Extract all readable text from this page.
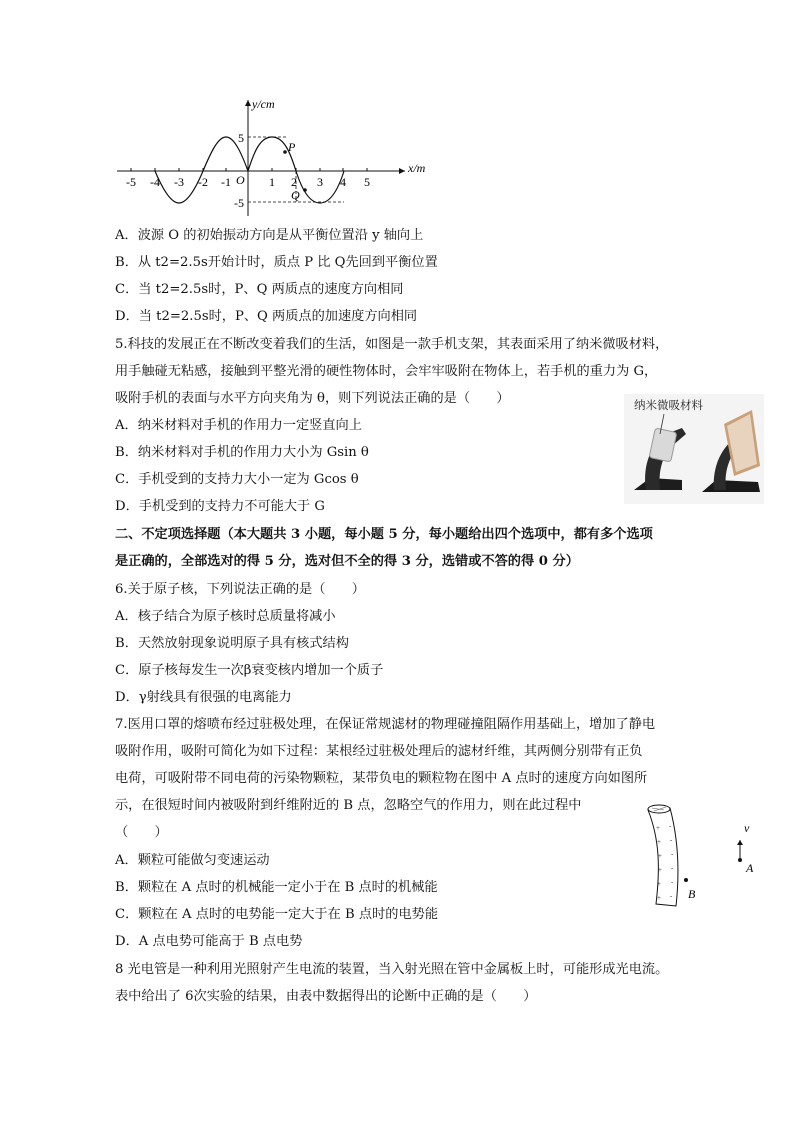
y/cm
x/m
O
5
-5
P
Q
-5 -4 -3 -2 -1	1 2 3 4 5
A．波源 O 的初始振动方向是从平衡位置沿 y 轴向上
B．从 t2=2.5s开始计时，质点 P 比 Q先回到平衡位置
C．当 t2=2.5s时，P、Q 两质点的速度方向相同
D．当 t2=2.5s时，P、Q 两质点的加速度方向相同
5.科技的发展正在不断改变着我们的生活，如图是一款手机支架，其表面采用了纳米微吸材料，
用手触碰无粘感，接触到平整光滑的硬性物体时，会牢牢吸附在物体上，若手机的重力为 G，
吸附手机的表面与水平方向夹角为 θ，则下列说法正确的是（　　）
A．纳米材料对手机的作用力一定竖直向上
B．纳米材料对手机的作用力大小为 Gsin θ
C．手机受到的支持力大小一定为 Gcos θ
D．手机受到的支持力不可能大于 G
纳米微吸材料
二、不定项选择题（本大题共 3 小题，每小题 5 分，每小题给出四个选项中，都有多个选项
是正确的，全部选对的得 5 分，选对但不全的得 3 分，选错或不答的得 0 分）
6.关于原子核，下列说法正确的是（　　）
A．核子结合为原子核时总质量将减小
B．天然放射现象说明原子具有核式结构
C．原子核每发生一次β衰变核内增加一个质子
D．γ射线具有很强的电离能力
7.医用口罩的熔喷布经过驻极处理，在保证常规滤材的物理碰撞阻隔作用基础上，增加了静电
吸附作用，吸附可简化为如下过程：某根经过驻极处理后的滤材纤维，其两侧分别带有正负
电荷，可吸附带不同电荷的污染物颗粒，某带负电的颗粒物在图中 A 点时的速度方向如图所
示，在很短时间内被吸附到纤维附近的 B 点，忽略空气的作用力，则在此过程中
（　　）
A．颗粒可能做匀变速运动
B．颗粒在 A 点时的机械能一定小于在 B 点时的机械能
C．颗粒在 A 点时的电势能一定大于在 B 点时的电势能
D．A 点电势可能高于 B 点电势
+
+
+
+
+
+
-
-
-
-
-
- B
v
A
8 光电管是一种利用光照射产生电流的装置，当入射光照在管中金属板上时，可能形成光电流。
表中给出了 6次实验的结果，由表中数据得出的论断中正确的是（　　）
